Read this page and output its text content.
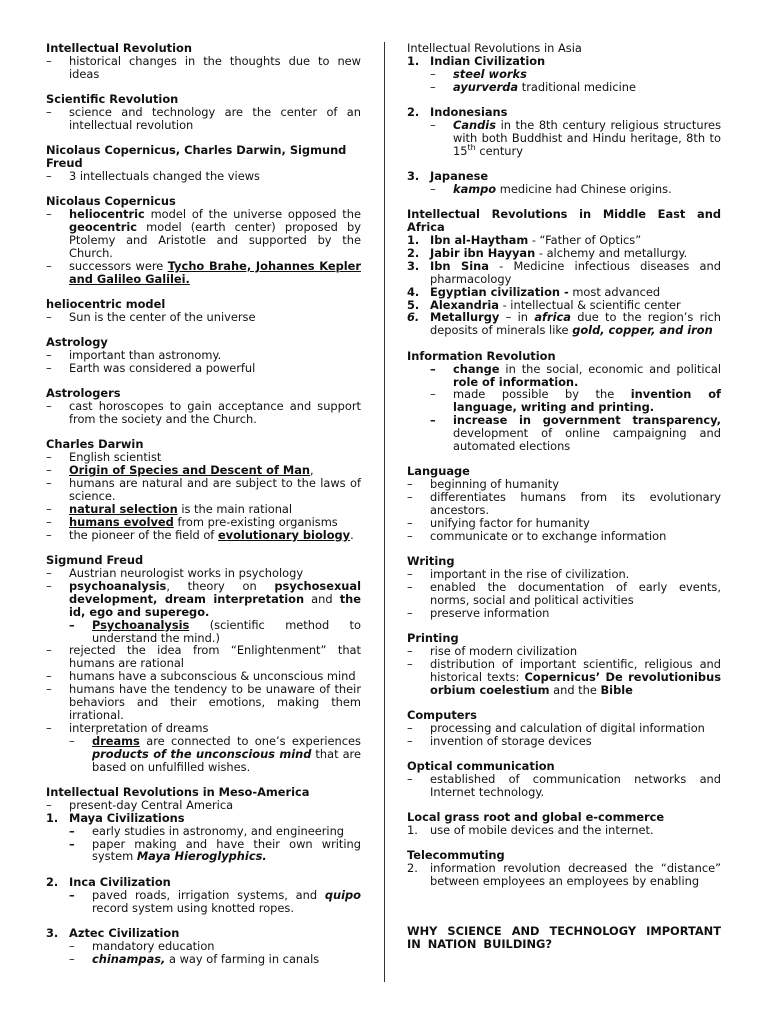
Intellectual Revolution
–	historical changes in the thoughts due to new ideas
Scientific Revolution
–	science and technology are the center of an intellectual revolution
Nicolaus Copernicus, Charles Darwin, Sigmund Freud
–	3 intellectuals changed the views
Nicolaus Copernicus
–	heliocentric model of the universe opposed the geocentric model (earth center) proposed by Ptolemy and Aristotle and supported by the Church.
–	successors were Tycho Brahe, Johannes Kepler and Galileo Galilei.
heliocentric model
–	Sun is the center of the universe
Astrology
–	important than astronomy.
–	Earth was considered a powerful
Astrologers
–	cast horoscopes to gain acceptance and support from the society and the Church.
Charles Darwin
–	English scientist
–	Origin of Species and Descent of Man,
–	humans are natural and are subject to the laws of science.
–	natural selection is the main rational
–	humans evolved from pre-existing organisms
–	the pioneer of the field of evolutionary biology.
Sigmund Freud
–	Austrian neurologist works in psychology
–	psychoanalysis, theory on psychosexual development, dream interpretation and the id, ego and superego.
–	Psychoanalysis (scientific method to understand the mind.)
–	rejected the idea from “Enlightenment” that humans are rational
–	humans have a subconscious & unconscious mind
–	humans have the tendency to be unaware of their behaviors and their emotions, making them irrational.
–	interpretation of dreams
–	dreams are connected to one’s experiences products of the unconscious mind that are based on unfulfilled wishes.
Intellectual Revolutions in Meso-America
–	present-day Central America
1. Maya Civilizations
–	early studies in astronomy, and engineering
–	paper making and have their own writing system Maya Hieroglyphics.
2. Inca Civilization
–	paved roads, irrigation systems, and quipo record system using knotted ropes.
3. Aztec Civilization
–	mandatory education
–	chinampas, a way of farming in canals
Intellectual Revolutions in Asia
1. Indian Civilization
–	steel works
–	ayurverda traditional medicine
2. Indonesians
–	Candis in the 8th century religious structures with both Buddhist and Hindu heritage, 8th to 15th century
3. Japanese
–	kampo medicine had Chinese origins.
Intellectual Revolutions in Middle East and Africa
1. Ibn al-Haytham - “Father of Optics”
2. Jabir ibn Hayyan - alchemy and metallurgy.
3. Ibn Sina - Medicine infectious diseases and pharmacology
4. Egyptian civilization - most advanced
5. Alexandria - intellectual & scientific center
6. Metallurgy – in africa due to the region’s rich deposits of minerals like gold, copper, and iron
Information Revolution
–	change in the social, economic and political role of information.
–	made possible by the invention of language, writing and printing.
–	increase in government transparency, development of online campaigning and automated elections
Language
–	beginning of humanity
–	differentiates humans from its evolutionary ancestors.
–	unifying factor for humanity
–	communicate or to exchange information
Writing
–	important in the rise of civilization.
–	enabled the documentation of early events, norms, social and political activities
–	preserve information
Printing
–	rise of modern civilization
–	distribution of important scientific, religious and historical texts: Copernicus’ De revolutionibus orbium coelestium and the Bible
Computers
–	processing and calculation of digital information
–	invention of storage devices
Optical communication
–	established of communication networks and Internet technology.
Local grass root and global e-commerce
1.	use of mobile devices and the internet.
Telecommuting
2.	information revolution decreased the “distance” between employees an employees by enabling
WHY SCIENCE AND TECHNOLOGY IMPORTANT IN NATION BUILDING?
